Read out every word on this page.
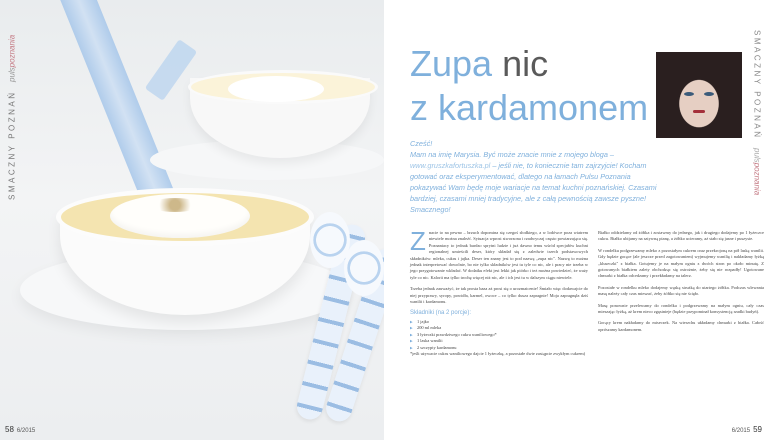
SMACZNY POZNAŃ
pulspoznania
58 6/2015
Zupa nic
z kardamonem	SMACZNY POZNAŃ
pulspoznania
Cześć!
Mam na imię Marysia. Być może znacie mnie z mojego bloga – www.gruszkafortuszka.pl – jeśli nie, to koniecznie tam zajrzyjcie! Kocham gotować oraz eksperymentować, dlatego na łamach Pulsu Poznania pokazywać Wam będę moje wariacje na temat kuchni poznańskiej. Czasami bardziej, czasami mniej tradycyjne, ale z całą pewnością zawsze pyszne! Smacznego!

Znacie to na pewno – brzuch dopomina się czegoś słodkiego, a w lodówce poza wiatrem niewiele można znaleźć. Sytuacja wprost stworzona i rzadwyczaj często powtarzająca się. Poznaniacy to jednak bardzo sprytni ludzie i już dawno temu wśród specjałów kuchni regionalnej umieścili deser, który składał się z zaledwie trzech podstawowych składników: mleka, cukru i jajka. Deser ten znany jest to pod nazwą „zupa nic". Nazwę to można jednak interpretować dowolnie, bo nie tylko składników jest tu tyle co nic, ale i pracy nie trzeba w jego przygotowanie wkładać. W dodatku efekt jest lekki jak piórko i też można powiedzieć, że waży tyle co nic. Kalorii ma tylko trochę więcej niż nic, ale i ich jest tu w dalszym ciągu niewiele.

Trzeba jednak zauważyć, że tak prosta baza aż prosi się o urozmaicenie! Śmiało więc dodawajcie do niej przyprawy, syropy, powidła, karmel, owoce – co tylko dusza zapragnie! Moja zapragnęła dziś wanilii i kardamonu.

Składniki (na 2 porcje):
▶ 1 jajko
▶ 200 ml mleka
▶ 3 łyżeczki prawdziwego cukru waniliowego*
▶ 1 laska wanilii
▶ 2 szczypty kardamonu
*jeśli używacie cukru waniliowego dajcie 1 łyżeczkę, a pozostałe dwie zastąpcie zwykłym cukrem)

Białko oddzielamy od żółtka i zostawmy do jednego, jak i drugiego dodajemy po 1 łyżeczce cukru. Białko ubijamy na sztywną pianę, a żółtko ucieramy, aż stało się jasne i puszyste.

W rondelku podgrzewamy mleko z pozostałym cukrem oraz przekrojoną na pół laską wanilii. Gdy będzie gorące (ale jeszcze przed zagotowaniem) wyjmujemy wanilię i nakładamy łyżką „kluseczki" z białka. Gotujemy je na małym ogniu z dwóch stron po około minutę. Z gotowanych białkiem zalety obchodząc się ostrożnie, żeby się nie rozpadły! Ugotowane chmurki z białka odcedzamy i przekładamy na talerz.

Pozostałe w rondelku mleko dodajemy wąską strużką do utartego żółtka. Podczas wlewania masę należy cały czas mieszać, żeby żółtko się nie ścięło.

Masę ponownie przelewamy do rondelka i podgrzewamy na małym ogniu, cały czas mieszając łyżką, aż krem nieco zgęstnieje (będzie przypominał konsystencją rzadki budyń).

Gorący krem nakładamy do miseczek. Na wierzchu układamy chmurki z białka. Całość oprószamy kardamonem.

6/2015 59
